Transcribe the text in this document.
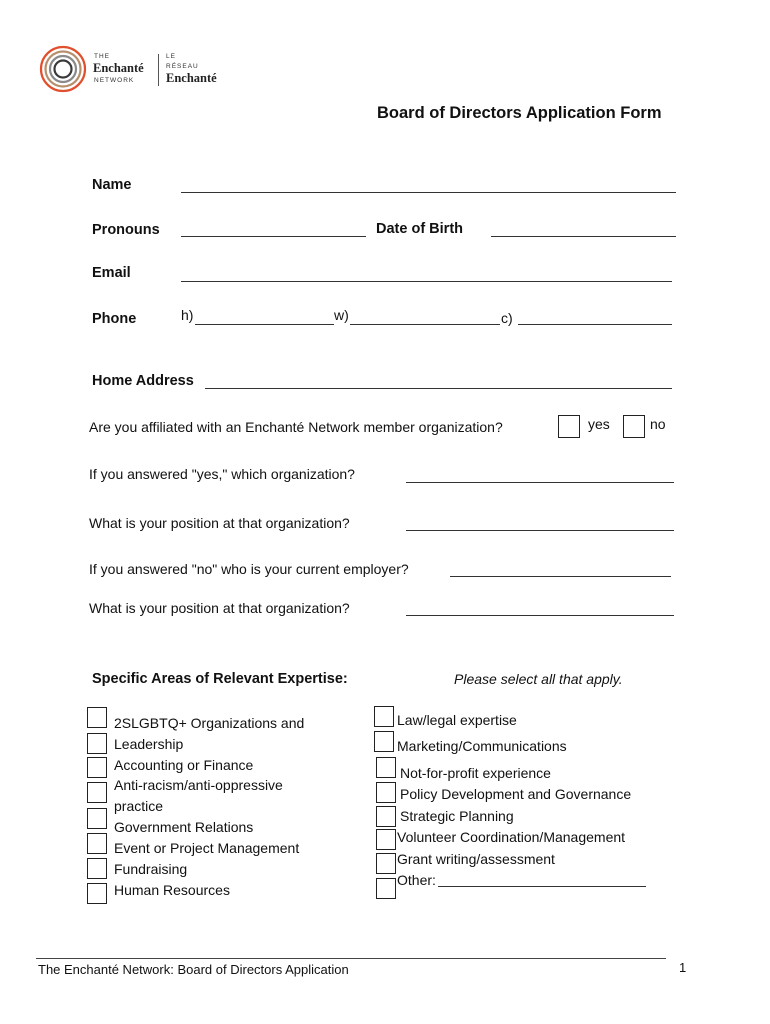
THE
Enchanté
NETWORK
LE
RÉSEAU
Enchanté
Board of Directors Application Form
Name
Pronouns	Date of Birth
Email
Phone	h)	w)	c)
Home Address
Are you affiliated with an Enchanté Network member organization?	yes	no
If you answered "yes," which organization?
What is your position at that organization?
If you answered "no" who is your current employer?
What is your position at that organization?
Specific Areas of Relevant Expertise:	Please select all that apply.
2SLGBTQ+ Organizations and
Leadership
Accounting or Finance
Anti-racism/anti-oppressive
practice
Government Relations
Event or Project Management
Fundraising
Human Resources
Law/legal expertise
Marketing/Communications
Not-for-profit experience
Policy Development and Governance
Strategic Planning
Volunteer Coordination/Management
Grant writing/assessment
Other:
The Enchanté Network: Board of Directors Application	1
